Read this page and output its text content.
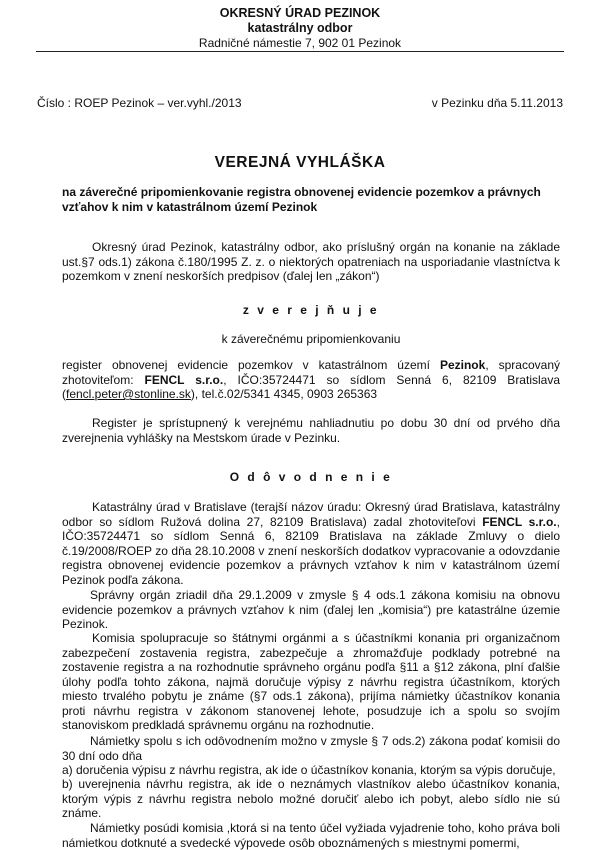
OKRESNÝ ÚRAD PEZINOK
katastrálny odbor
Radničné námestie 7, 902 01 Pezinok
Číslo : ROEP Pezinok – ver.vyhl./2013	v Pezinku dňa 5.11.2013
VEREJNÁ VYHLÁŠKA
na záverečné pripomienkovanie registra obnovenej evidencie pozemkov a právnych vzťahov k nim v katastrálnom území Pezinok
Okresný úrad Pezinok, katastrálny odbor, ako príslušný orgán na konanie na základe ust.§7 ods.1) zákona č.180/1995 Z. z. o niektorých opatreniach na usporiadanie vlastníctva k pozemkom v znení neskorších predpisov (ďalej len „zákon“)
z v e r e j ň u j e
k záverečnému pripomienkovaniu
register obnovenej evidencie pozemkov v katastrálnom území Pezinok, spracovaný zhotoviteľom: FENCL s.r.o., IČO:35724471 so sídlom Senná 6, 82109 Bratislava (fencl.peter@stonline.sk), tel.č.02/5341 4345, 0903 265363
Register je sprístupnený k verejnému nahliadnutiu po dobu 30 dní od prvého dňa zverejnenia vyhlášky na Mestskom úrade v Pezinku.
O d ô v o d n e n i e
Katastrálny úrad v Bratislave (terajší názov úradu: Okresný úrad Bratislava, katastrálny odbor so sídlom Ružová dolina 27, 82109 Bratislava) zadal zhotoviteľovi FENCL s.r.o., IČO:35724471 so sídlom Senná 6, 82109 Bratislava na základe Zmluvy o dielo č.19/2008/ROEP zo dňa 28.10.2008 v znení neskorších dodatkov vypracovanie a odovzdanie registra obnovenej evidencie pozemkov a právnych vzťahov k nim v katastrálnom území Pezinok podľa zákona.
Správny orgán zriadil dňa 29.1.2009 v zmysle § 4 ods.1 zákona komisiu na obnovu evidencie pozemkov a právnych vzťahov k nim (ďalej len „komisia“) pre katastrálne územie Pezinok.
Komisia spolupracuje so štátnymi orgánmi a s účastníkmi konania pri organizačnom zabezpečení zostavenia registra, zabezpečuje a zhromažďuje podklady potrebné na zostavenie registra a na rozhodnutie správneho orgánu podľa §11 a §12 zákona, plní ďalšie úlohy podľa tohto zákona, najmä doručuje výpisy z návrhu registra účastníkom, ktorých miesto trvalého pobytu je známe (§7 ods.1 zákona), prijíma námietky účastníkov konania proti návrhu registra v zákonom stanovenej lehote, posudzuje ich a spolu so svojím stanoviskom predkladá správnemu orgánu na rozhodnutie.
Námietky spolu s ich odôvodnením možno v zmysle § 7 ods.2) zákona podať komisii do 30 dní odo dňa
a) doručenia výpisu z návrhu registra, ak ide o účastníkov konania, ktorým sa výpis doručuje,
b) uverejnenia návrhu registra, ak ide o neznámych vlastníkov alebo účastníkov konania, ktorým výpis z návrhu registra nebolo možné doručiť alebo ich pobyt, alebo sídlo nie sú známe.
Námietky posúdi komisia ,ktorá si na tento účel vyžiada vyjadrenie toho, koho práva boli námietkou dotknuté a svedecké výpovede osôb oboznámených s miestnymi pomermi,
